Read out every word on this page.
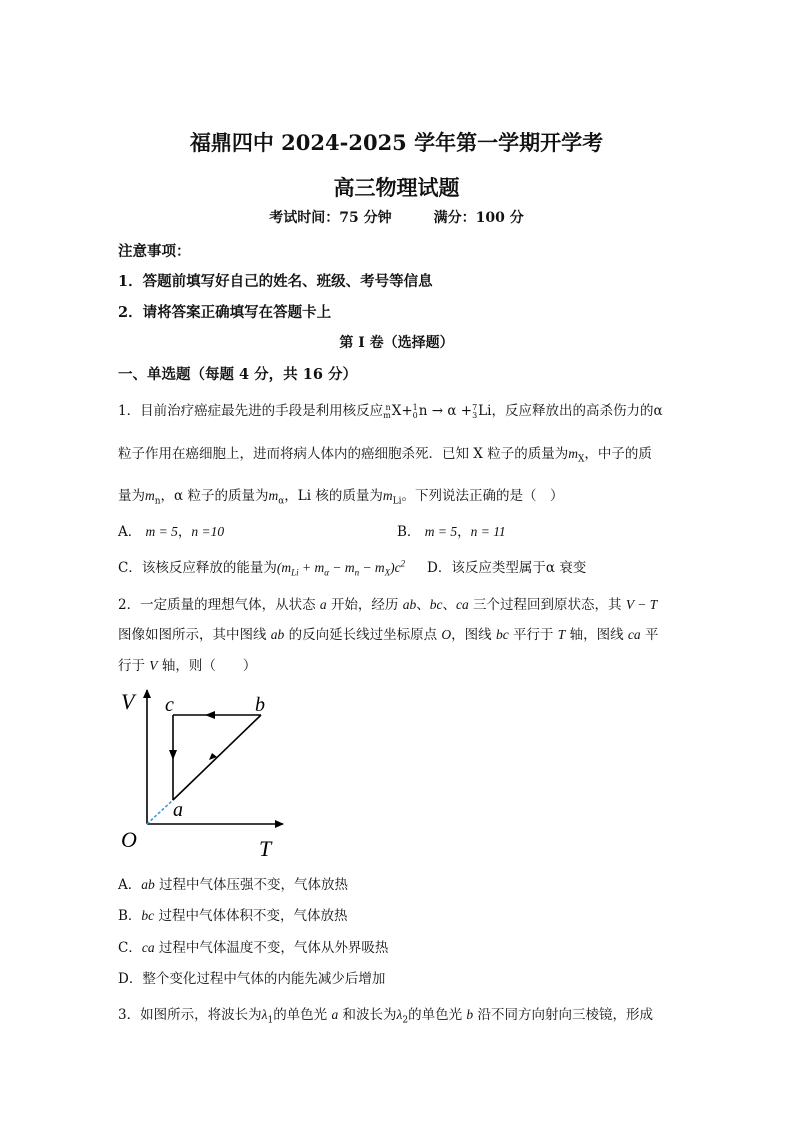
福鼎四中 2024-2025 学年第一学期开学考
高三物理试题
考试时间：75 分钟　　　满分：100 分
注意事项：
1．答题前填写好自己的姓名、班级、考号等信息
2．请将答案正确填写在答题卡上
第 I 卷（选择题）
一、单选题（每题 4 分，共 16 分）
1．目前治疗癌症最先进的手段是利用核反应 n
mX+1
0n → α +7
3Li，反应释放出的高杀伤力的α
粒子作用在癌细胞上，进而将病人体内的癌细胞杀死．已知 X 粒子的质量为$m_X$，中子的质
量为$m_n$，α 粒子的质量为$m_\alpha$，Li 核的质量为$m_{Li}$。下列说法正确的是（　）
A． m = 5，n =10	B． m = 5，n = 11
C．该核反应释放的能量为$(m_{Li} + m_\alpha - m_n - m_X)c^2$ D．该反应类型属于α 衰变
2．一定质量的理想气体，从状态 a 开始，经历 ab、bc、ca 三个过程回到原状态，其 V − T
图像如图所示，其中图线 ab 的反向延长线过坐标原点 O，图线 bc 平行于 T 轴，图线 ca 平
行于 V 轴，则（　　）
V c	b
a
O	T
A．ab 过程中气体压强不变，气体放热
B．bc 过程中气体体积不变，气体放热
C．ca 过程中气体温度不变，气体从外界吸热
D．整个变化过程中气体的内能先减少后增加
3．如图所示，将波长为$\lambda_1$的单色光 a 和波长为$\lambda_2$的单色光 b 沿不同方向射向三棱镜，形成
